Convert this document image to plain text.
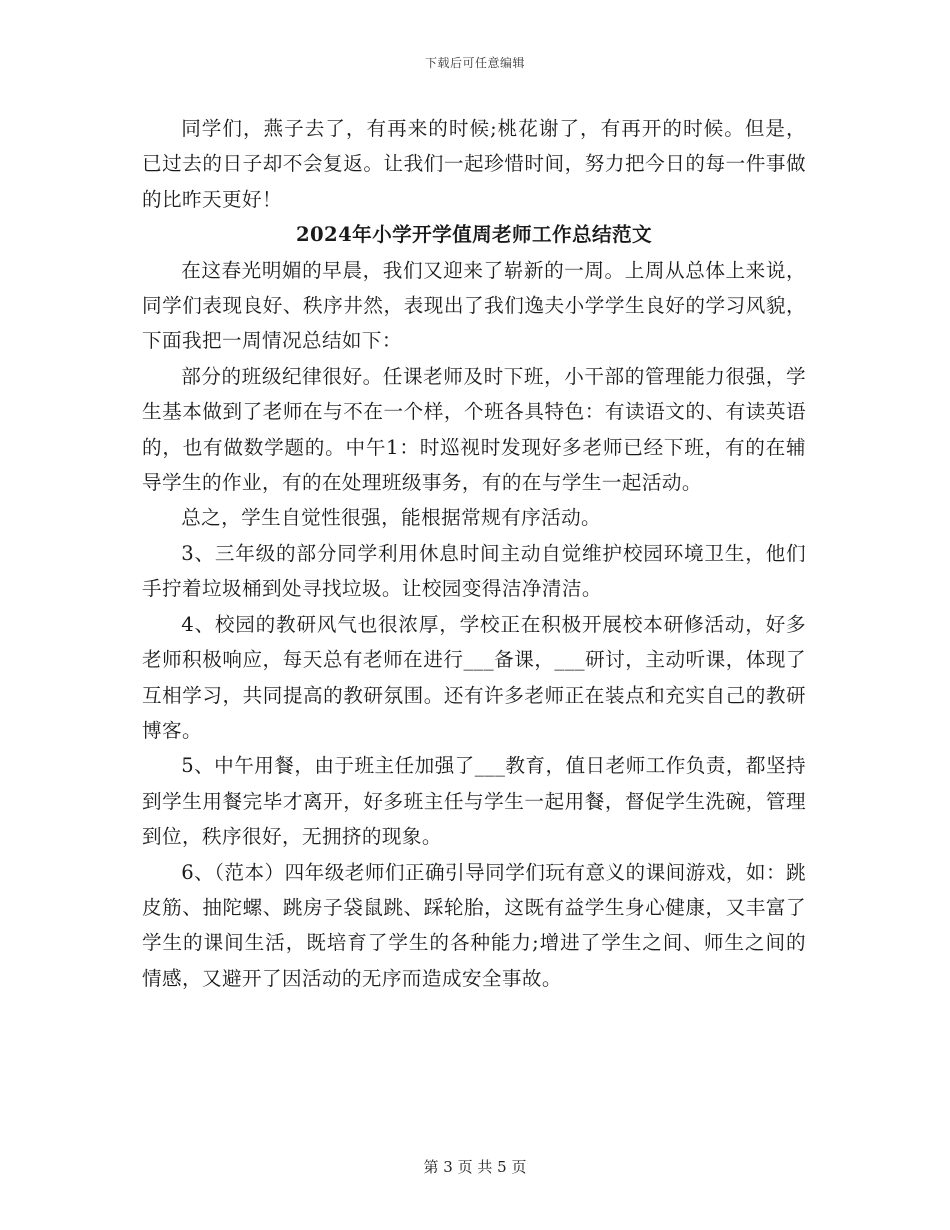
下载后可任意编辑

同学们，燕子去了，有再来的时候;桃花谢了，有再开的时候。但是，已过去的日子却不会复返。让我们一起珍惜时间，努力把今日的每一件事做的比昨天更好！

2024年小学开学值周老师工作总结范文

在这春光明媚的早晨，我们又迎来了崭新的一周。上周从总体上来说，同学们表现良好、秩序井然，表现出了我们逸夫小学学生良好的学习风貌，下面我把一周情况总结如下：

部分的班级纪律很好。任课老师及时下班，小干部的管理能力很强，学生基本做到了老师在与不在一个样，个班各具特色：有读语文的、有读英语的，也有做数学题的。中午1：时巡视时发现好多老师已经下班，有的在辅导学生的作业，有的在处理班级事务，有的在与学生一起活动。

总之，学生自觉性很强，能根据常规有序活动。

3、三年级的部分同学利用休息时间主动自觉维护校园环境卫生，他们手拧着垃圾桶到处寻找垃圾。让校园变得洁净清洁。

4、校园的教研风气也很浓厚，学校正在积极开展校本研修活动，好多老师积极响应，每天总有老师在进行___备课，___研讨，主动听课，体现了互相学习，共同提高的教研氛围。还有许多老师正在装点和充实自己的教研博客。

5、中午用餐，由于班主任加强了___教育，值日老师工作负责，都坚持到学生用餐完毕才离开，好多班主任与学生一起用餐，督促学生洗碗，管理到位，秩序很好，无拥挤的现象。

6、（范本）四年级老师们正确引导同学们玩有意义的课间游戏，如：跳皮筋、抽陀螺、跳房子袋鼠跳、踩轮胎，这既有益学生身心健康，又丰富了学生的课间生活，既培育了学生的各种能力;增进了学生之间、师生之间的情感，又避开了因活动的无序而造成安全事故。

第 3 页 共 5 页
